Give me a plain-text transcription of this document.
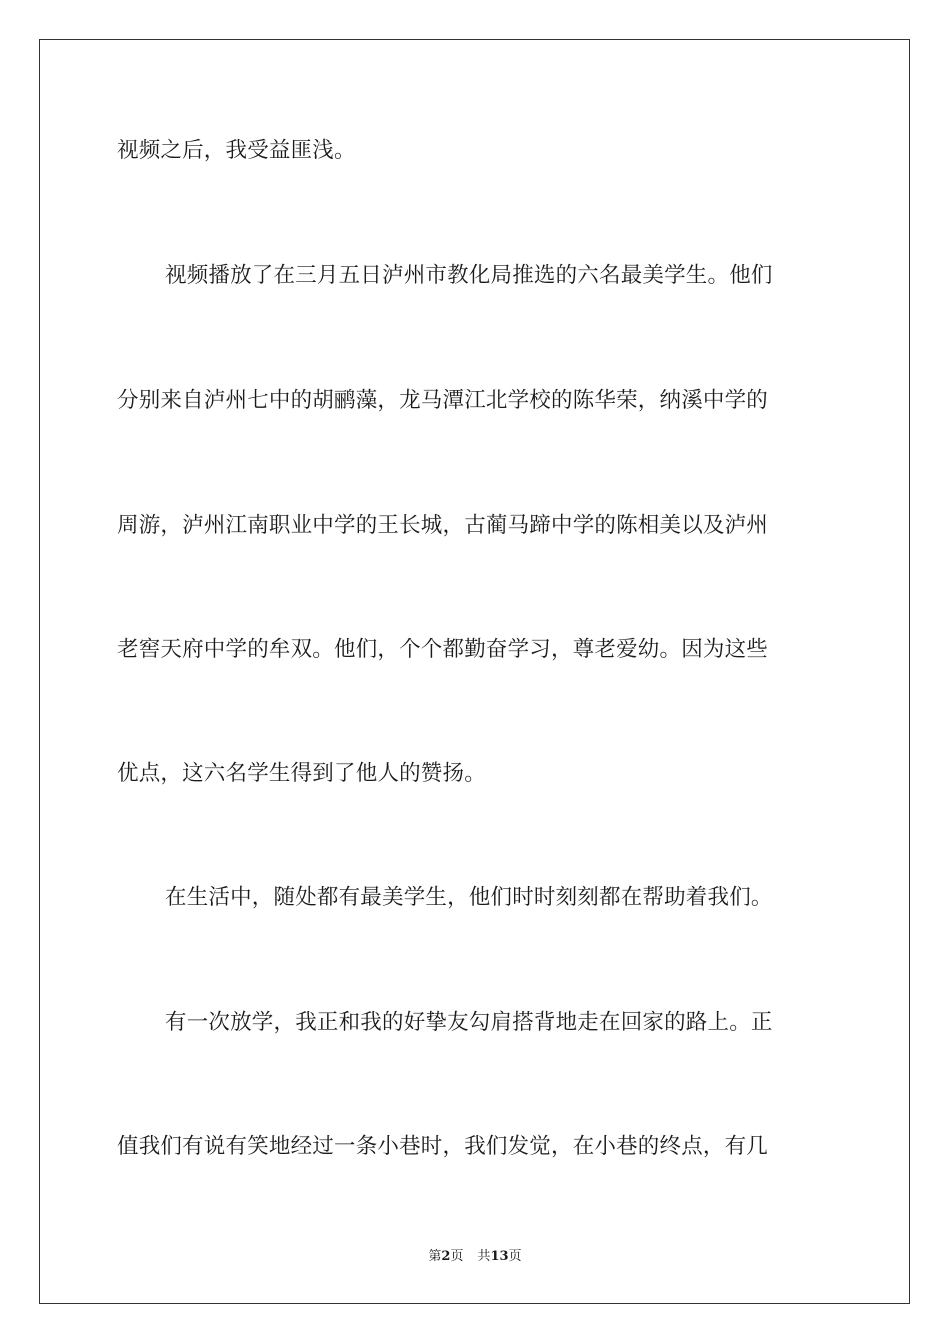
视频之后，我受益匪浅。
视频播放了在三月五日泸州市教化局推选的六名最美学生。他们
分别来自泸州七中的胡鹂藻，龙马潭江北学校的陈华荣，纳溪中学的
周游，泸州江南职业中学的王长城，古蔺马蹄中学的陈相美以及泸州
老窖天府中学的牟双。他们，个个都勤奋学习，尊老爱幼。因为这些
优点，这六名学生得到了他人的赞扬。
在生活中，随处都有最美学生，他们时时刻刻都在帮助着我们。
有一次放学，我正和我的好挚友勾肩搭背地走在回家的路上。正
值我们有说有笑地经过一条小巷时，我们发觉，在小巷的终点，有几
第2页 共13页
